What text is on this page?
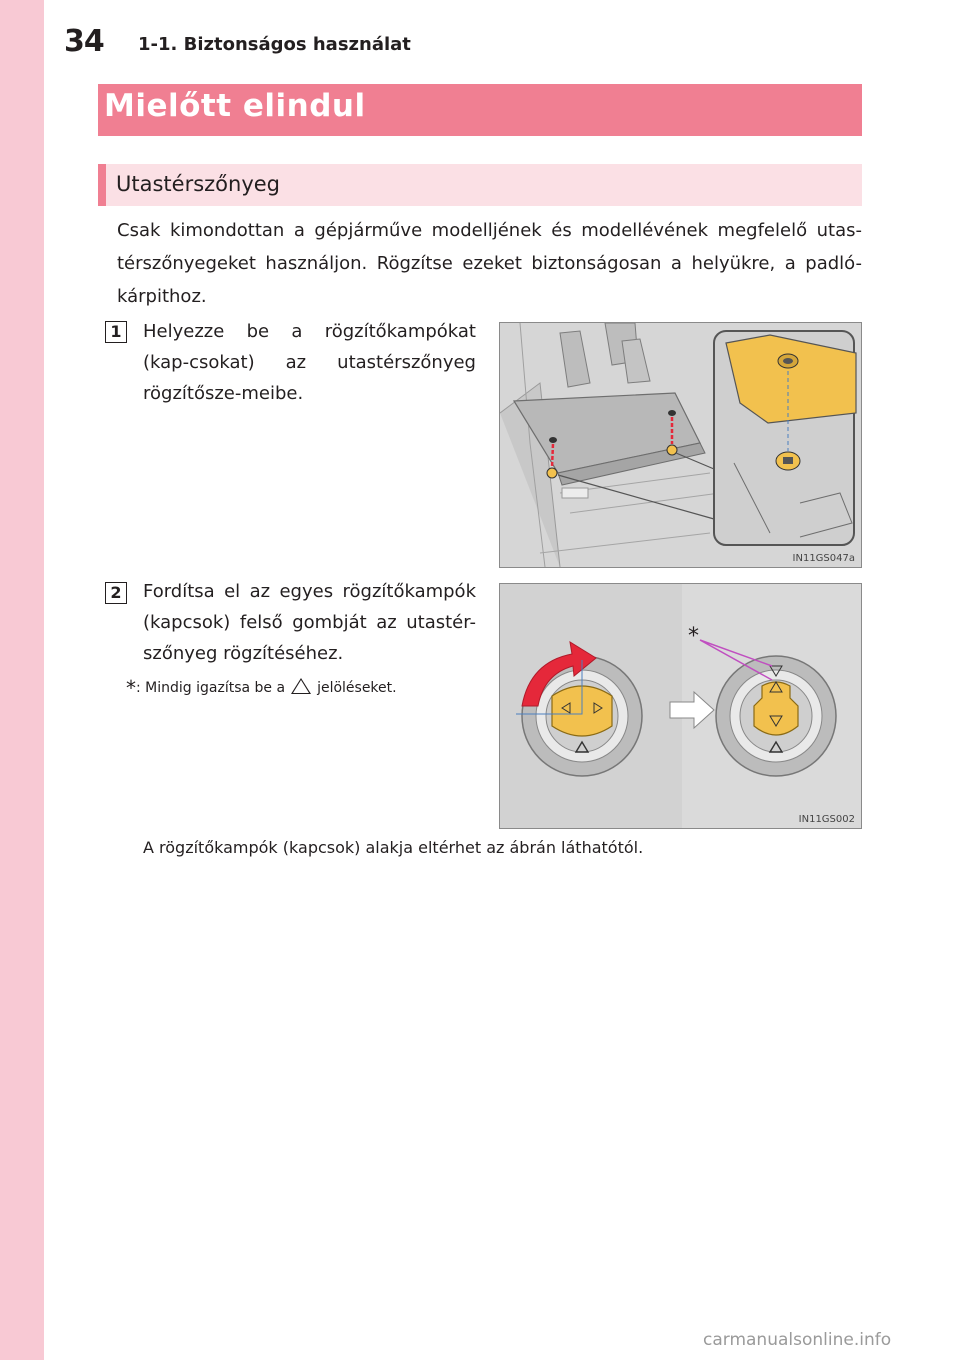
34 1-1. Biztonságos használat
Mielőtt elindul
Utastérszőnyeg

Csak kimondottan a gépjárműve modelljének és modellévének megfelelő utas-térszőnyegeket használjon. Rögzítse ezeket biztonságosan a helyükre, a padló-kárpithoz.

1	Helyezze be a rögzítőkampókat (kap-csokat) az utastérszőnyeg rögzítősze-meibe.

IN11GS047a
2	Fordítsa el az egyes rögzítőkampók (kapcsok) felső gombját az utastér-szőnyeg rögzítéséhez.

*: Mindig igazítsa be a jelöléseket.
*
IN11GS002
A rögzítőkampók (kapcsok) alakja eltérhet az ábrán láthatótól.
carmanualsonline.info
